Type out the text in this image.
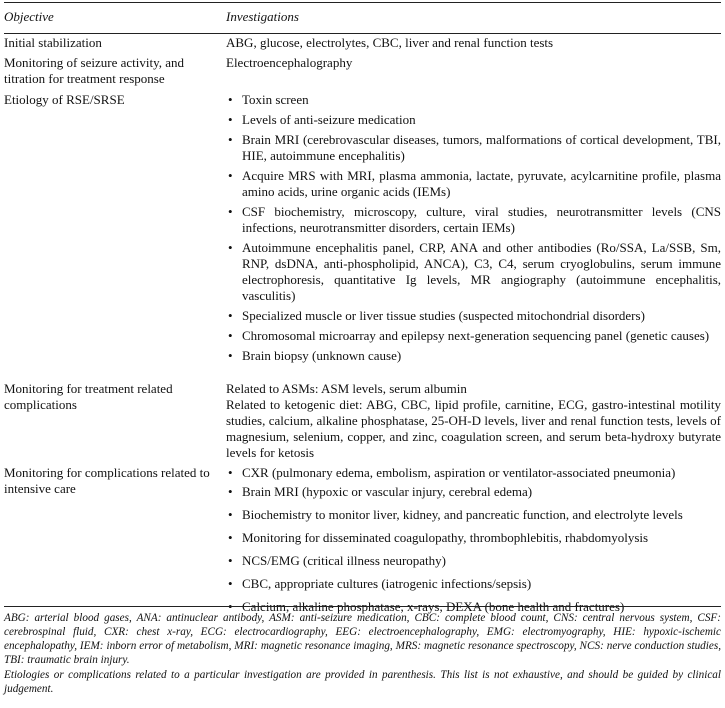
Objective	Investigations
Initial stabilization	ABG, glucose, electrolytes, CBC, liver and renal function tests
Monitoring of seizure activity, and titration for treatment response
Electroencephalography
Etiology of RSE/SRSE
•	Toxin screen
• Levels of anti-seizure medication
• Brain MRI (cerebrovascular diseases, tumors, malformations of cortical development, TBI, HIE, autoimmune encephalitis)
• Acquire MRS with MRI, plasma ammonia, lactate, pyruvate, acylcarnitine profile, plasma amino acids, urine organic acids (IEMs)
• CSF biochemistry, microscopy, culture, viral studies, neurotransmitter levels (CNS infections, neurotransmitter disorders, certain IEMs)
• Autoimmune encephalitis panel, CRP, ANA and other antibodies (Ro/SSA, La/SSB, Sm, RNP, dsDNA, anti-phospholipid, ANCA), C3, C4, serum cryoglobulins, serum immune electrophoresis, quantitative Ig levels, MR angiography (autoimmune encephalitis, vasculitis)
• Specialized muscle or liver tissue studies (suspected mitochondrial disorders)
• Chromosomal microarray and epilepsy next-generation sequencing panel (genetic causes)
• Brain biopsy (unknown cause)
Monitoring for treatment related complications

Related to ASMs: ASM levels, serum albumin

Related to ketogenic diet: ABG, CBC, lipid profile, carnitine, ECG, gastro-intestinal motility studies, calcium, alkaline phosphatase, 25-OH-D levels, liver and renal function tests, levels of magnesium, selenium, copper, and zinc, coagulation screen, and serum beta-hydroxy butyrate levels for ketosis

Monitoring for complications related to intensive care
• CXR (pulmonary edema, embolism, aspiration or ventilator-associated pneumonia)
• Brain MRI (hypoxic or vascular injury, cerebral edema)
• Biochemistry to monitor liver, kidney, and pancreatic function, and electrolyte levels
• Monitoring for disseminated coagulopathy, thrombophlebitis, rhabdomyolysis
• NCS/EMG (critical illness neuropathy)
• CBC, appropriate cultures (iatrogenic infections/sepsis)
• Calcium, alkaline phosphatase, x-rays, DEXA (bone health and fractures)

ABG: arterial blood gases, ANA: antinuclear antibody, ASM: anti-seizure medication, CBC: complete blood count, CNS: central nervous system, CSF: cerebrospinal fluid, CXR: chest x-ray, ECG: electrocardiography, EEG: electroencephalography, EMG: electromyography, HIE: hypoxic-ischemic encephalopathy, IEM: inborn error of metabolism, MRI: magnetic resonance imaging, MRS: magnetic resonance spectroscopy, NCS: nerve conduction studies, TBI: traumatic brain injury.

Etiologies or complications related to a particular investigation are provided in parenthesis. This list is not exhaustive, and should be guided by clinical judgement.
